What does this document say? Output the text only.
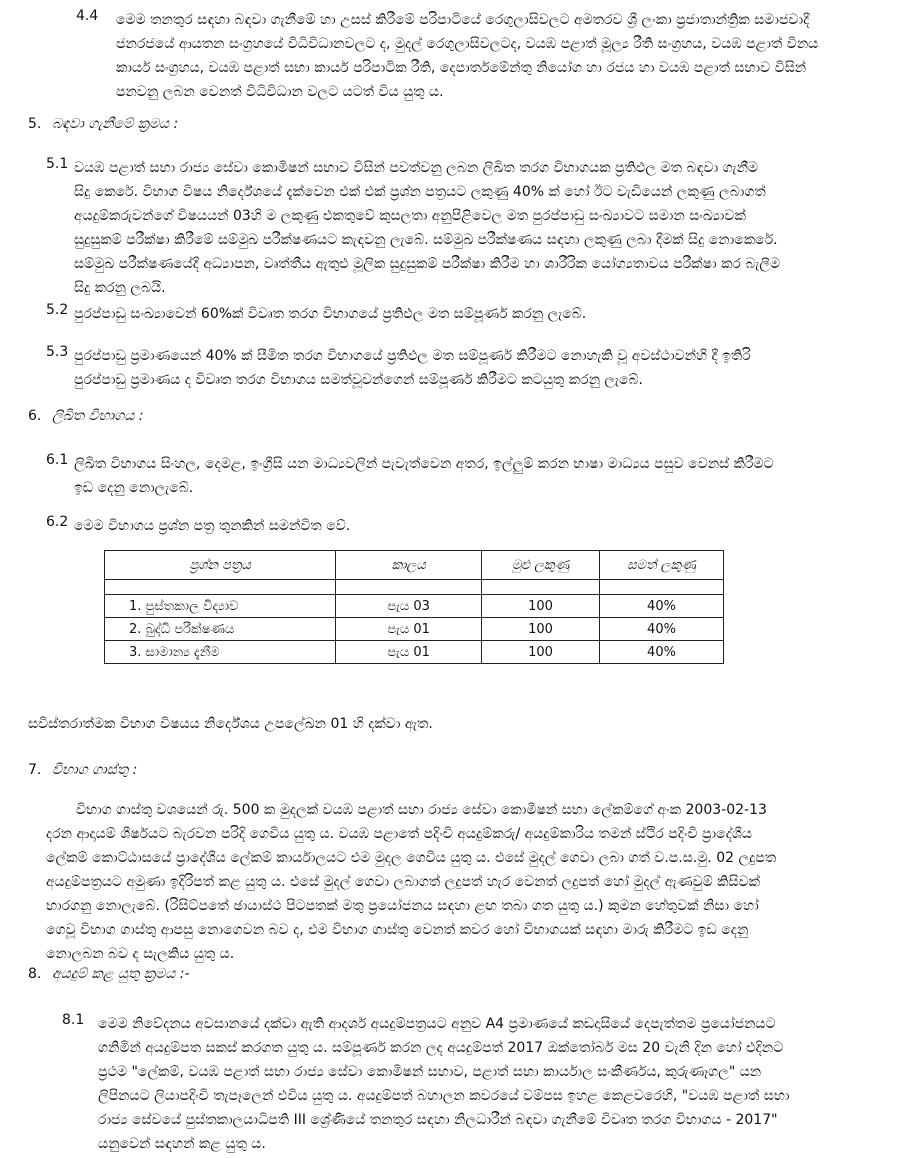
4.4 මෙම තනතුර සඳහා බඳවා ගැනීමේ හා උසස් කිරීමේ පරිපාටියේ රෙගුලාසිවලට අමතරව ශ්‍රී ලංකා ප්‍රජාතාන්ත්‍රික සමාජවාදී
ජනරජයේ ආයතන සංග්‍රහයේ විධිවිධානවලට ද, මුදල් රෙගුලාසිවලටද, වයඹ පළාත් මූල්‍ය රීති සංග්‍රහය, වයඹ පළාත් විනය
කාර්ය සංග්‍රහය, වයඹ පළාත් සභා කාර්ය පරිපාටික රීති, දෙපාර්තමේන්තු නියෝග හා රජය හා වයඹ පළාත් සභාව විසින්
පනවනු ලබන වෙනත් විධිවිධාන වලට යටත් විය යුතු ය.
5. බඳවා ගැනීමේ ක්‍රමය :
5.1 වයඹ පළාත් සභා රාජ්‍ය සේවා කොමිෂන් සභාව විසින් පවත්වනු ලබන ලිඛිත තරග විභාගයක ප්‍රතිඵල මත බඳවා ගැනීම
සිදු කෙරේ. විභාග විෂය නිර්දේශයේ දැක්වෙන එක් එක් ප්‍රශ්න පත්‍රයට ලකුණු 40% ක් හෝ ඊට වැඩියෙන් ලකුණු ලබාගත්
අයදුම්කරුවන්ගේ විෂයයන් 03හි ම ලකුණු එකතුවේ කුසලතා අනුපිළිවෙල මත පුරප්පාඩු සංඛ්‍යාවට සමාන සංඛ්‍යාවක්
සුදුසුකම් පරීක්ෂා කිරීමේ සම්මුඛ පරීක්ෂණයට කැඳවනු ලැබේ. සම්මුඛ පරීක්ෂණය සඳහා ලකුණු ලබා දීමක් සිදු නොකෙරේ.
සම්මුඛ පරීක්ෂණයේදී අධ්‍යාපන, වෘත්තීය ඇතුළු මූලික සුදුසුකම් පරීක්ෂා කිරීම හා ශාරීරික යෝග්‍යතාවය පරීක්ෂා කර බැලීම
සිදු කරනු ලබයි.
5.2 පුරප්පාඩු සංඛ්‍යාවෙන් 60%ක් විවෘත තරග විභාගයේ ප්‍රතිඵල මත සම්පූර්ණ කරනු ලැබේ.
5.3 පුරප්පාඩු ප්‍රමාණයෙන් 40% ක් සීමිත තරග විභාගයේ ප්‍රතිඵල මත සම්පූර්ණ කිරීමට නොහැකි වූ අවස්ථාවන්හි දී ඉතිරි
පුරප්පාඩු ප්‍රමාණය ද විවෘත තරග විභාගය සමත්වූවන්ගෙන් සම්පූර්ණ කිරීමට කටයුතු කරනු ලැබේ.
6. ලිඛිත විභාගය :
6.1 ලිඛිත විභාගය සිංහල, දෙමළ, ඉංග්‍රීසි යන මාධ්‍යවලින් පැවැත්වෙන අතර, ඉල්ලුම් කරන භාෂා මාධ්‍යය පසුව වෙනස් කිරීමට
ඉඩ දෙනු නොලැබේ.
6.2 මෙම විභාගය ප්‍රශ්න පත්‍ර තුනකින් සමන්විත වේ.
ප්‍රශ්න පත්‍රය	කාලය	මුළු ලකුණු	සමත් ලකුණු

1. පුස්තකාල විද්‍යාව	පැය 03	100	40%
2. බුද්ධි පරීක්ෂණය	පැය 01	100	40%
3. සාමාන්‍ය දැනීම	පැය 01	100	40%
සවිස්තරාත්මක විභාග විෂයය නිර්දේශය උපලේඛන 01 හි දක්වා ඇත.
7. විභාග ගාස්තු :
විභාග ගාස්තු වශයෙන් රු. 500 ක මුදලක් වයඹ පළාත් සභා රාජ්‍ය සේවා කොමිෂන් සභා ලේකම්ගේ අංක 2003-02-13
දරන ආදායම් ශීර්ෂයට බැරවන පරිදි ගෙවිය යුතු ය. වයඹ පළාතේ පදිංචි අයදුම්කරු/ අයදුම්කාරිය තමන් ස්ථිර පදිංචි ප්‍රාදේශීය
ලේකම් කොට්ඨාසයේ ප්‍රාදේශීය ලේකම් කාර්යාලයට එම මුදල ගෙවිය යුතු ය. එසේ මුදල් ගෙවා ලබා ගත් ව.ප.ස.මු. 02 ලදුපත
අයදුම්පත්‍රයට අමුණා ඉදිරිපත් කළ යුතු ය. එසේ මුදල් ගෙවා ලබාගත් ලදුපත් හැර වෙනත් ලදුපත් හෝ මුදල් ඇණවුම් කිසිවක්
භාරගනු නොලැබේ. (රිසිට්පතේ ඡායාස්ථ පිටපතක් මතු ප්‍රයෝජනය සඳහා ළඟ තබා ගත යුතු ය.) කුමන හේතුවක් නිසා හෝ
ගෙවූ විභාග ගාස්තු ආපසු නොගෙවන බව ද, එම විභාග ගාස්තු වෙනත් කවර හෝ විභාගයක් සඳහා මාරු කිරීමට ඉඩ දෙනු
නොලබන බව ද සැලකිය යුතු ය.
8. අයදුම් කළ යුතු ක්‍රමය :-
8.1 මෙම නිවේදනය අවසානයේ දක්වා ඇති ආදර්ශ අයදුම්පත්‍රයට අනුව A4 ප්‍රමාණයේ කඩදාසියේ දෙපැත්තම ප්‍රයෝජනයට
ගනිමින් අයදුම්පත සකස් කරගත යුතු ය. සම්පූර්ණ කරන ලද අයදුම්පත් 2017 ඔක්තෝබර් මස 20 වැනි දින හෝ එදිනට
ප්‍රථම "ලේකම්, වයඹ පළාත් සභා රාජ්‍ය සේවා කොමිෂන් සභාව, පළාත් සභා කාර්යාල සංකීර්ණය, කුරුණෑගල" යන
ලිපිනයට ලියාපදිංචි තැපෑලෙන් එවිය යුතු ය. අයදුම්පත් බහාලන කවරයේ වම්පස ඉහළ කෙළවරෙහි, "වයඹ පළාත් සභා
රාජ්‍ය සේවයේ පුස්තකාලයාධිපති III ශ්‍රේණියේ තනතුර සඳහා නිලධාරීන් බඳවා ගැනීමේ විවෘත තරග විභාගය - 2017"
යනුවෙන් සඳහන් කළ යුතු ය.
